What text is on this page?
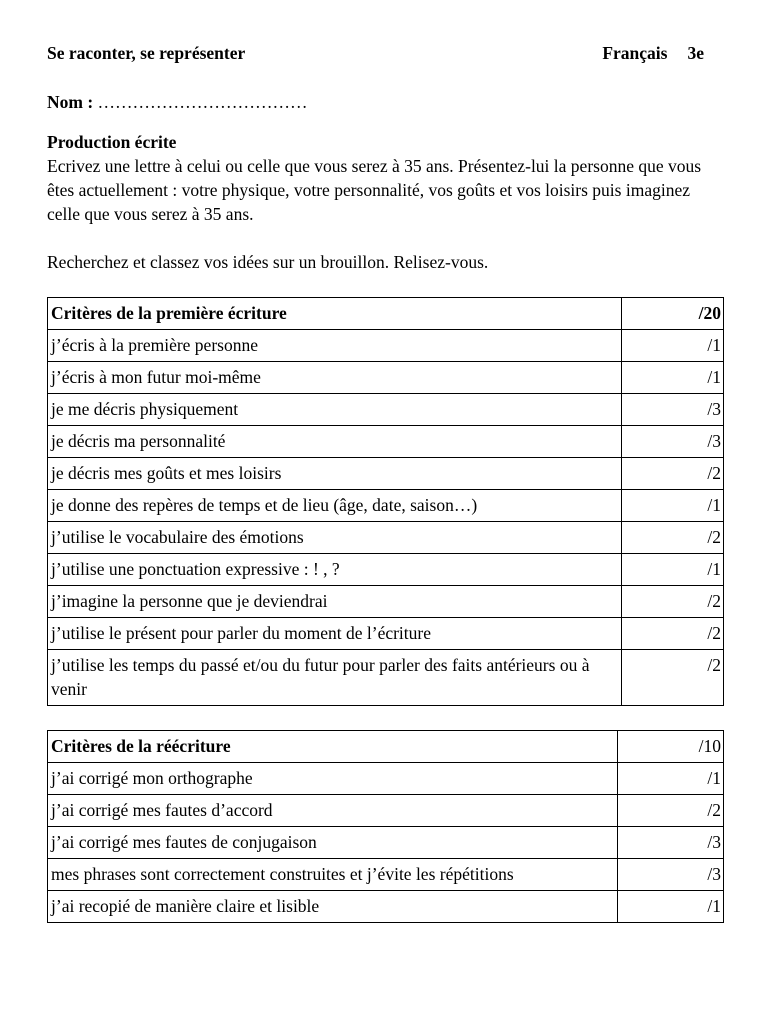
Se raconter, se représenter	Français 3e
Nom : ………………………………
Production écrite

Ecrivez une lettre à celui ou celle que vous serez à 35 ans. Présentez-lui la personne que vous êtes actuellement : votre physique, votre personnalité, vos goûts et vos loisirs puis imaginez celle que vous serez à 35 ans.

Recherchez et classez vos idées sur un brouillon. Relisez-vous.
Critères de la première écriture	/20
j’écris à la première personne	/1
j’écris à mon futur moi-même	/1
je me décris physiquement	/3
je décris ma personnalité	/3
je décris mes goûts et mes loisirs	/2
je donne des repères de temps et de lieu (âge, date, saison…)	/1
j’utilise le vocabulaire des émotions	/2
j’utilise une ponctuation expressive : ! , ?	/1
j’imagine la personne que je deviendrai	/2
j’utilise le présent pour parler du moment de l’écriture	/2
j’utilise les temps du passé et/ou du futur pour parler des faits antérieurs ou à venir	/2
Critères de la réécriture	/10
j’ai corrigé mon orthographe	/1
j’ai corrigé mes fautes d’accord	/2
j’ai corrigé mes fautes de conjugaison	/3
mes phrases sont correctement construites et j’évite les répétitions	/3
j’ai recopié de manière claire et lisible	/1
